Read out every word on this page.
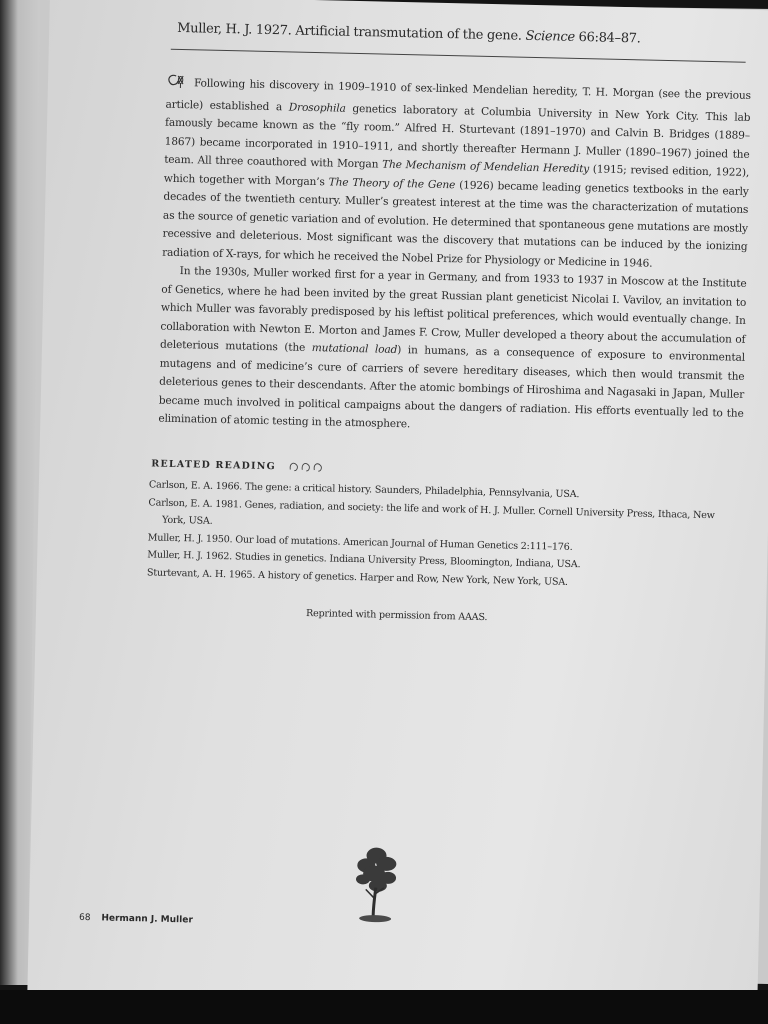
Muller, H. J. 1927. Artificial transmutation of the gene. Science 66:84–87.

Following his discovery in 1909–1910 of sex-linked Mendelian heredity, T. H. Morgan (see the previous article) established a Drosophila genetics laboratory at Columbia University in New York City. This lab famously became known as the “fly room.” Alfred H. Sturtevant (1891–1970) and Calvin B. Bridges (1889–1867) became incorporated in 1910–1911, and shortly thereafter Hermann J. Muller (1890–1967) joined the team. All three coauthored with Morgan The Mechanism of Mendelian Heredity (1915; revised edition, 1922), which together with Morgan’s The Theory of the Gene (1926) became leading genetics textbooks in the early decades of the twentieth century. Muller’s greatest interest at the time was the characterization of mutations as the source of genetic variation and of evolution. He determined that spontaneous gene mutations are mostly recessive and deleterious. Most significant was the discovery that mutations can be induced by the ionizing radiation of X-rays, for which he received the Nobel Prize for Physiology or Medicine in 1946.

In the 1930s, Muller worked first for a year in Germany, and from 1933 to 1937 in Moscow at the Institute of Genetics, where he had been invited by the great Russian plant geneticist Nicolai I. Vavilov, an invitation to which Muller was favorably predisposed by his leftist political preferences, which would eventually change. In collaboration with Newton E. Morton and James F. Crow, Muller developed a theory about the accumulation of deleterious mutations (the mutational load) in humans, as a consequence of exposure to environmental mutagens and of medicine’s cure of carriers of severe hereditary diseases, which then would transmit the deleterious genes to their descendants. After the atomic bombings of Hiroshima and Nagasaki in Japan, Muller became much involved in political campaigns about the dangers of radiation. His efforts eventually led to the elimination of atomic testing in the atmosphere.

RELATED READING

Carlson, E. A. 1966. The gene: a critical history. Saunders, Philadelphia, Pennsylvania, USA.

Carlson, E. A. 1981. Genes, radiation, and society: the life and work of H. J. Muller. Cornell University Press, Ithaca, New York, USA.

Muller, H. J. 1950. Our load of mutations. American Journal of Human Genetics 2:111–176.

Muller, H. J. 1962. Studies in genetics. Indiana University Press, Bloomington, Indiana, USA.

Sturtevant, A. H. 1965. A history of genetics. Harper and Row, New York, New York, USA.

Reprinted with permission from AAAS.
68 Hermann J. Muller
